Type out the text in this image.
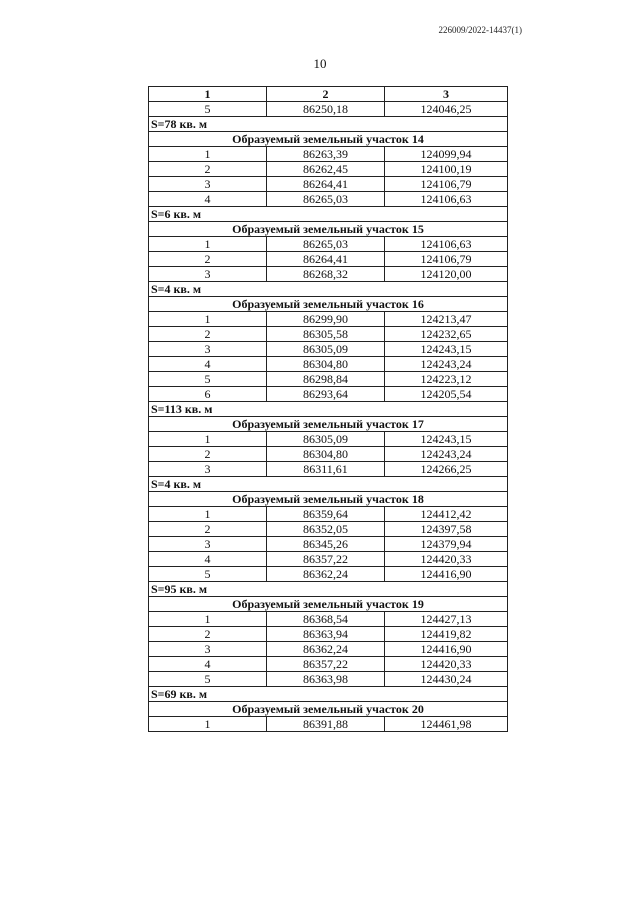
226009/2022-14437(1)
10
1	2	3
5	86250,18	124046,25
S=78 кв. м		
Образуемый земельный участок 14		
1	86263,39	124099,94
2	86262,45	124100,19
3	86264,41	124106,79
4	86265,03	124106,63
S=6 кв. м		
Образуемый земельный участок 15		
1	86265,03	124106,63
2	86264,41	124106,79
3	86268,32	124120,00
S=4 кв. м		
Образуемый земельный участок 16		
1	86299,90	124213,47
2	86305,58	124232,65
3	86305,09	124243,15
4	86304,80	124243,24
5	86298,84	124223,12
6	86293,64	124205,54
S=113 кв. м		
Образуемый земельный участок 17		
1	86305,09	124243,15
2	86304,80	124243,24
3	86311,61	124266,25
S=4 кв. м		
Образуемый земельный участок 18		
1	86359,64	124412,42
2	86352,05	124397,58
3	86345,26	124379,94
4	86357,22	124420,33
5	86362,24	124416,90
S=95 кв. м		
Образуемый земельный участок 19		
1	86368,54	124427,13
2	86363,94	124419,82
3	86362,24	124416,90
4	86357,22	124420,33
5	86363,98	124430,24
S=69 кв. м		
Образуемый земельный участок 20		
1	86391,88	124461,98
